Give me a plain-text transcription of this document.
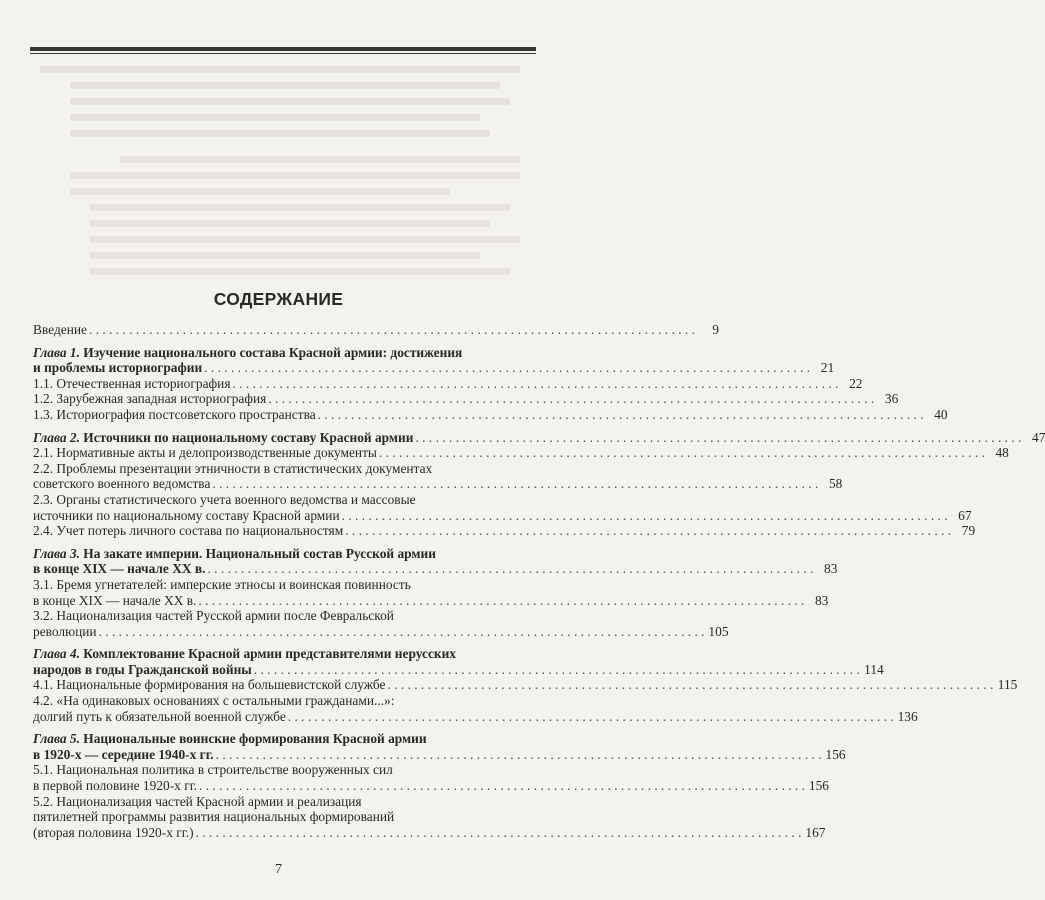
СОДЕРЖАНИЕ
Введение . . .	9
Глава 1. Изучение национального состава Красной армии: достижения
и проблемы историографии . . .	21
1.1. Отечественная историография . . .	22
1.2. Зарубежная западная историография . . .	36
1.3. Историография постсоветского пространства . . .	40
Глава 2. Источники по национальному составу Красной армии . . .	47
2.1. Нормативные акты и делопроизводственные документы . . .	48
2.2. Проблемы презентации этничности в статистических документах
советского военного ведомства . . .	58
2.3. Органы статистического учета военного ведомства и массовые
источники по национальному составу Красной армии . . .	67
2.4. Учет потерь личного состава по национальностям . . .	79
Глава 3. На закате империи. Национальный состав Русской армии
в конце XIX — начале XX в. . . .	83
3.1. Бремя угнетателей: имперские этносы и воинская повинность
в конце XIX — начале XX в. . . .	83
3.2. Национализация частей Русской армии после Февральской
революции . . .	105
Глава 4. Комплектование Красной армии представителями нерусских
народов в годы Гражданской войны . . .	114
4.1. Национальные формирования на большевистской службе . . .	115
4.2. «На одинаковых основаниях с остальными гражданами...»:
долгий путь к обязательной военной службе . . .	136
Глава 5. Национальные воинские формирования Красной армии
в 1920-х — середине 1940-х гг. . . .	156
5.1. Национальная политика в строительстве вооруженных сил
в первой половине 1920-х гг. . . .	156
5.2. Национализация частей Красной армии и реализация
пятилетней программы развития национальных формирований
(вторая половина 1920-х гг.) . . .	167
7
